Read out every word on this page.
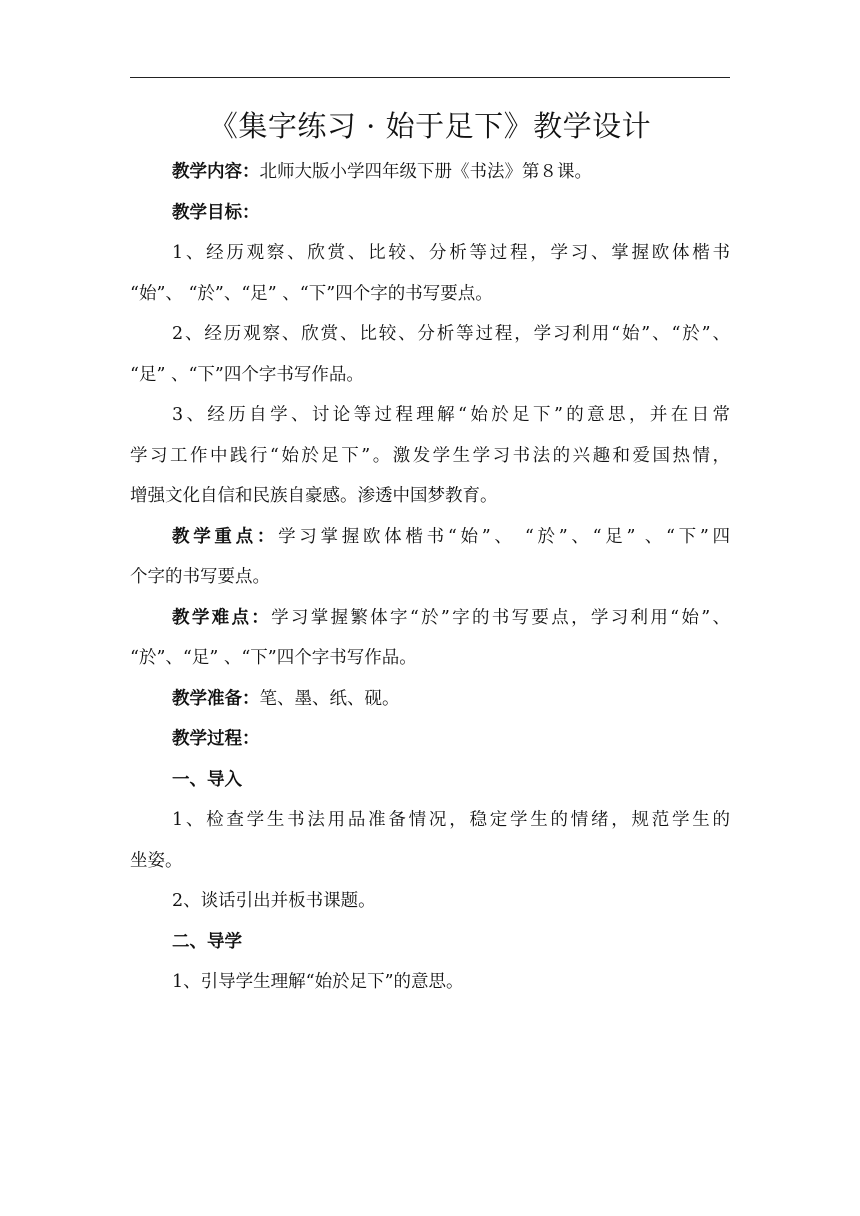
《集字练习 · 始于足下》教学设计
教学内容：北师大版小学四年级下册《书法》第８课。
教学目标：
1、经历观察、欣赏、比较、分析等过程，学习、掌握欧体楷书
“始”、 “於”、“足” 、“下”四个字的书写要点。
2、经历观察、欣赏、比较、分析等过程，学习利用“始”、“於”、
“足” 、“下”四个字书写作品。
3、经历自学、讨论等过程理解“始於足下”的意思，并在日常
学习工作中践行“始於足下”。激发学生学习书法的兴趣和爱国热情，
增强文化自信和民族自豪感。渗透中国梦教育。
教学重点：学习掌握欧体楷书“始”、 “於”、“足” 、“下”四
个字的书写要点。
教学难点：学习掌握繁体字“於”字的书写要点，学习利用“始”、
“於”、“足” 、“下”四个字书写作品。
教学准备：笔、墨、纸、砚。
教学过程：
一、导入
1、检查学生书法用品准备情况，稳定学生的情绪，规范学生的
坐姿。
2、谈话引出并板书课题。
二、导学
1、引导学生理解“始於足下”的意思。
